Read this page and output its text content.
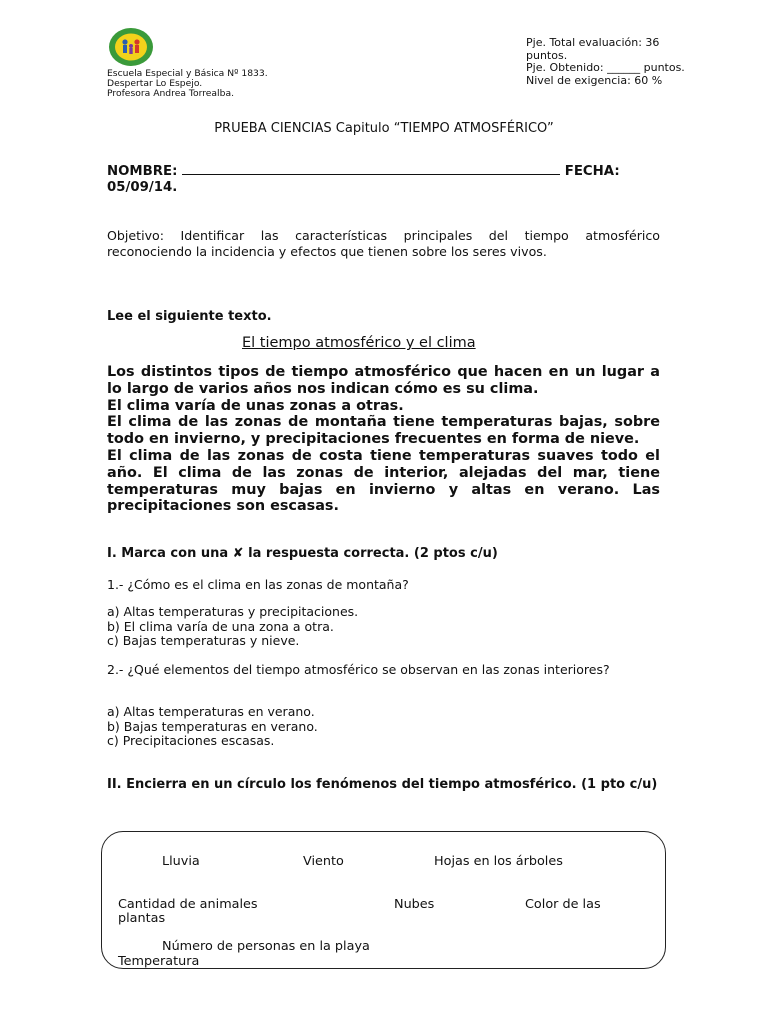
Escuela Especial y Básica Nº 1833.
Despertar Lo Espejo.
Profesora Andrea Torrealba.
Pje. Total evaluación: 36
puntos.
Pje. Obtenido: ______ puntos.
Nivel de exigencia: 60 %
PRUEBA CIENCIAS Capitulo “TIEMPO ATMOSFÉRICO”
NOMBRE:	FECHA:
05/09/14.
Objetivo: Identificar las características principales del tiempo atmosférico reconociendo la incidencia y efectos que tienen sobre los seres vivos.
Lee el siguiente texto.
El tiempo atmosférico y el clima

Los distintos tipos de tiempo atmosférico que hacen en un lugar a lo largo de varios años nos indican cómo es su clima.

El clima varía de unas zonas a otras.

El clima de las zonas de montaña tiene temperaturas bajas, sobre todo en invierno, y precipitaciones frecuentes en forma de nieve.

El clima de las zonas de costa tiene temperaturas suaves todo el año. El clima de las zonas de interior, alejadas del mar, tiene temperaturas muy bajas en invierno y altas en verano. Las precipitaciones son escasas.

I. Marca con una ✘ la respuesta correcta. (2 ptos c/u)
1.- ¿Cómo es el clima en las zonas de montaña?
a) Altas temperaturas y precipitaciones.
b) El clima varía de una zona a otra.
c) Bajas temperaturas y nieve.
2.- ¿Qué elementos del tiempo atmosférico se observan en las zonas interiores?
a) Altas temperaturas en verano.
b) Bajas temperaturas en verano.
c) Precipitaciones escasas.
II. Encierra en un círculo los fenómenos del tiempo atmosférico. (1 pto c/u)
Lluvia	Viento	Hojas en los árboles
Cantidad de animales
plantas
Nubes	Color de las
Número de personas en la playa
Temperatura
